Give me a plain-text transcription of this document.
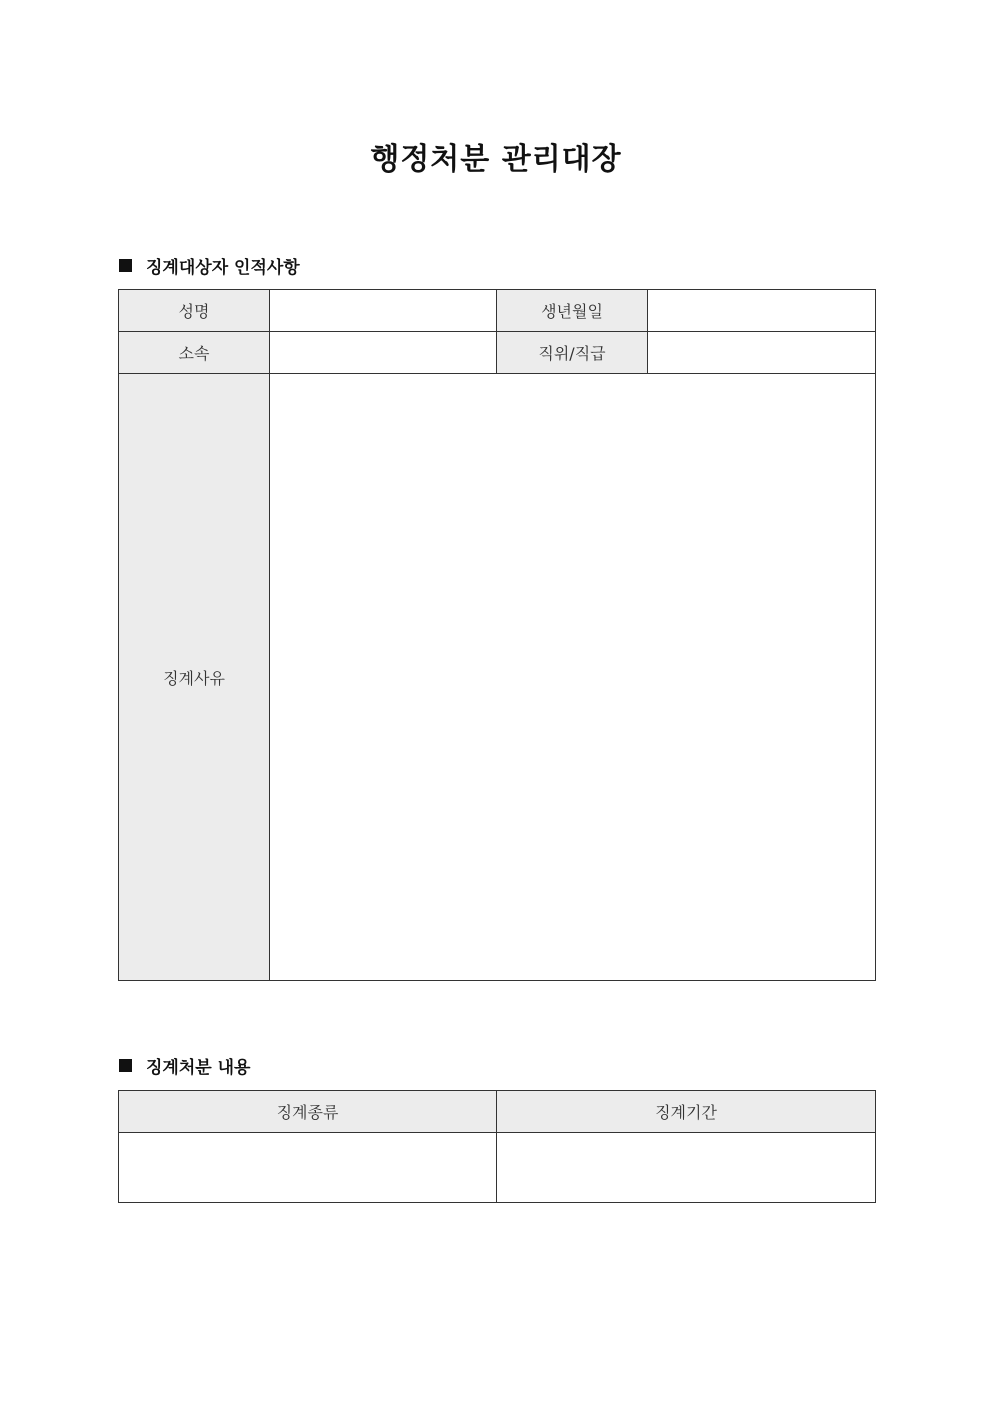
행정처분 관리대장
징계대상자 인적사항
성명		생년월일	
소속		직위/직급	
징계사유			
징계처분 내용
징계종류	징계기간
